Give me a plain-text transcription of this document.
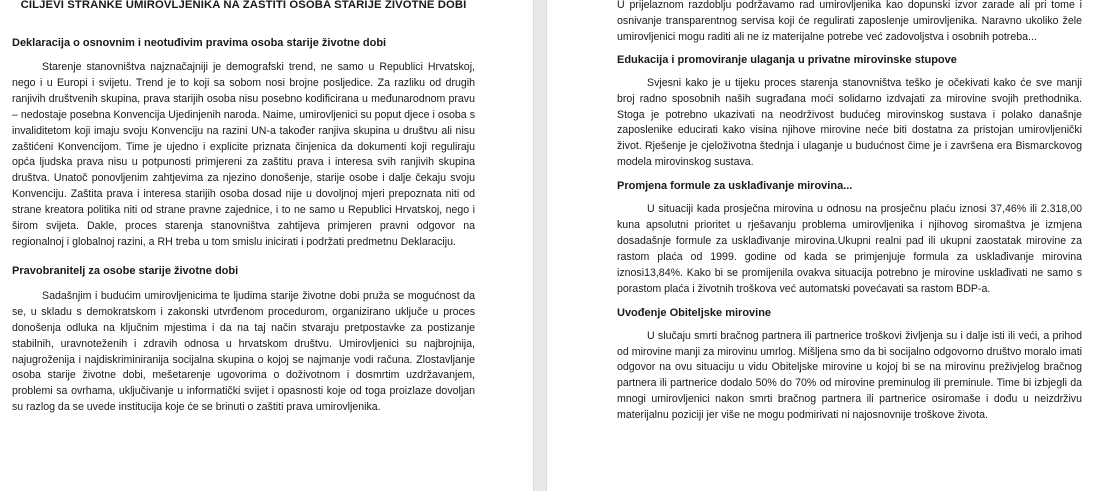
CILJEVI STRANKE UMIROVLJENIKA NA ZAŠTITI OSOBA STARIJE ŽIVOTNE DOBI
Deklaracija o osnovnim i neotuđivim pravima osoba starije životne dobi

Starenje stanovništva najznačajniji je demografski trend, ne samo u Republici Hrvatskoj, nego i u Europi i svijetu. Trend je to koji sa sobom nosi brojne posljedice. Za razliku od drugih ranjivih društvenih skupina, prava starijih osoba nisu posebno kodificirana u međunarodnom pravu – nedostaje posebna Konvencija Ujedinjenih naroda. Naime, umirovljenici su poput djece i osoba s invaliditetom koji imaju svoju Konvenciju na razini UN-a također ranjiva skupina u društvu ali nisu zaštićeni Konvencijom. Time je ujedno i explicite priznata činjenica da dokumenti koji reguliraju opća ljudska prava nisu u potpunosti primjereni za zaštitu prava i interesa svih ranjivih skupina društva. Unatoč ponovljenim zahtjevima za njezino donošenje, starije osobe i dalje čekaju svoju Konvenciju. Zaštita prava i interesa starijih osoba dosad nije u dovoljnoj mjeri prepoznata niti od strane kreatora politika niti od strane pravne zajednice, i to ne samo u Republici Hrvatskoj, nego i širom svijeta. Dakle, proces starenja stanovništva zahtijeva primjeren pravni odgovor na regionalnoj i globalnoj razini, a RH treba u tom smislu inicirati i podržati predmetnu Deklaraciju.

Pravobranitelj za osobe starije životne dobi

Sadašnjim i budućim umirovljenicima te ljudima starije životne dobi pruža se mogućnost da se, u skladu s demokratskom i zakonski utvrđenom procedurom, organizirano uključe u proces donošenja odluka na ključnim mjestima i da na taj način stvaraju pretpostavke za postizanje stabilnih, uravnoteženih i zdravih odnosa u hrvatskom društvu. Umirovljenici su najbrojnija, najugroženija i najdiskriminiranija socijalna skupina o kojoj se najmanje vodi računa. Zlostavljanje osoba starije životne dobi, mešetarenje ugovorima o doživotnom i dosmrtim uzdržavanjem, problemi sa ovrhama, uključivanje u informatički svijet i opasnosti koje od toga proizlaze dovoljan su razlog da se uvede institucija koje će se brinuti o zaštiti prava umirovljenika.

U prijelaznom razdoblju podržavamo rad umirovljenika kao dopunski izvor zarade ali pri tome i osnivanje transparentnog servisa koji će regulirati zaposlenje umirovljenika. Naravno ukoliko žele umirovljenici mogu raditi ali ne iz materijalne potrebe već zadovoljstva i osobnih potreba...

Edukacija i promoviranje ulaganja u privatne mirovinske stupove

Svjesni kako je u tijeku proces starenja stanovništva teško je očekivati kako će sve manji broj radno sposobnih naših sugrađana moći solidarno izdvajati za mirovine svojih prethodnika. Stoga je potrebno ukazivati na neodrživost budućeg mirovinskog sustava i polako današnje zaposlenike educirati kako visina njihove mirovine neće biti dostatna za pristojan umirovljenički život. Rješenje je cjeloživotna štednja i ulaganje u budućnost čime je i završena era Bismarckovog modela mirovinskog sustava.

Promjena formule za usklađivanje mirovina...

U situaciji kada prosječna mirovina u odnosu na prosječnu plaću iznosi 37,46% ili 2.318,00 kuna apsolutni prioritet u rješavanju problema umirovljenika i njihovog siromaštva je izmjena dosadašnje formule za usklađivanje mirovina.Ukupni realni pad ili ukupni zaostatak mirovine za rastom plaća od 1999. godine od kada se primjenjuje formula za usklađivanje mirovina iznosi13,84%. Kako bi se promijenila ovakva situacija potrebno je mirovine usklađivati ne samo s porastom plaća i životnih troškova već automatski povećavati sa rastom BDP-a.

Uvođenje Obiteljske mirovine

U slučaju smrti bračnog partnera ili partnerice troškovi življenja su i dalje isti ili veći, a prihod od mirovine manji za mirovinu umrlog. Mišljena smo da bi socijalno odgovorno društvo moralo imati odgovor na ovu situaciju u vidu Obiteljske mirovine u kojoj bi se na mirovinu preživjelog bračnog partnera ili partnerice dodalo 50% do 70% od mirovine preminulog ili preminule. Time bi izbjegli da mnogi umirovljenici nakon smrti bračnog partnera ili partnerice osiromaše i dođu u neizdrživu materijalnu poziciji jer više ne mogu podmirivati ni najosnovnije troškove života.
